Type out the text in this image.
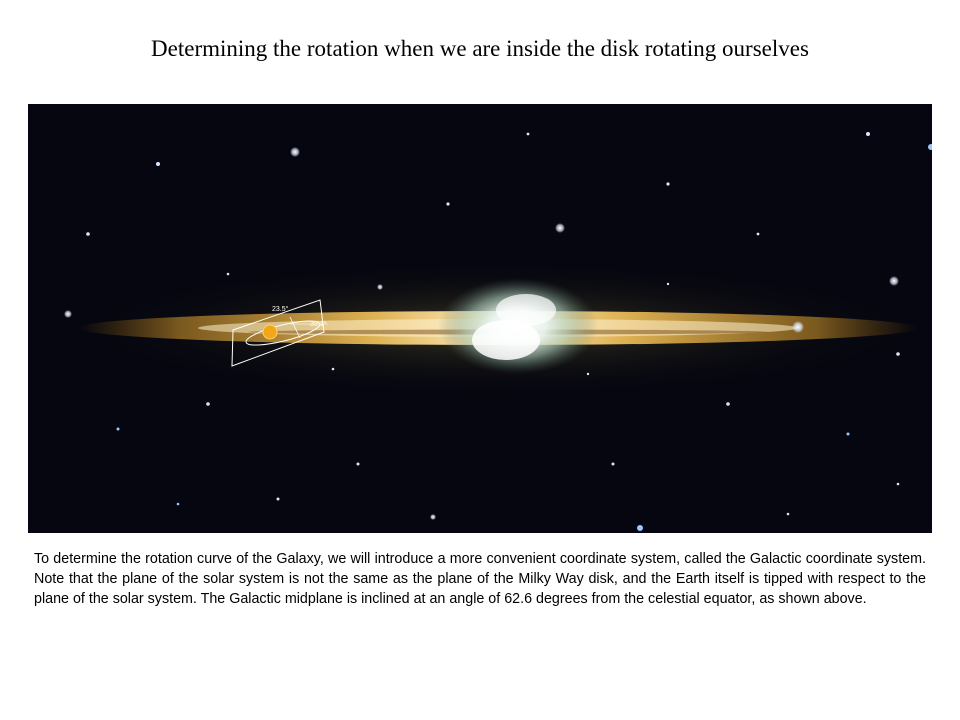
Determining the rotation when we are inside the disk rotating ourselves
23.5°
39.1°

To determine the rotation curve of the Galaxy, we will introduce a more convenient coordinate system, called the Galactic coordinate system. Note that the plane of the solar system is not the same as the plane of the Milky Way disk, and the Earth itself is tipped with respect to the plane of the solar system. The Galactic midplane is inclined at an angle of 62.6 degrees from the celestial equator, as shown above.
